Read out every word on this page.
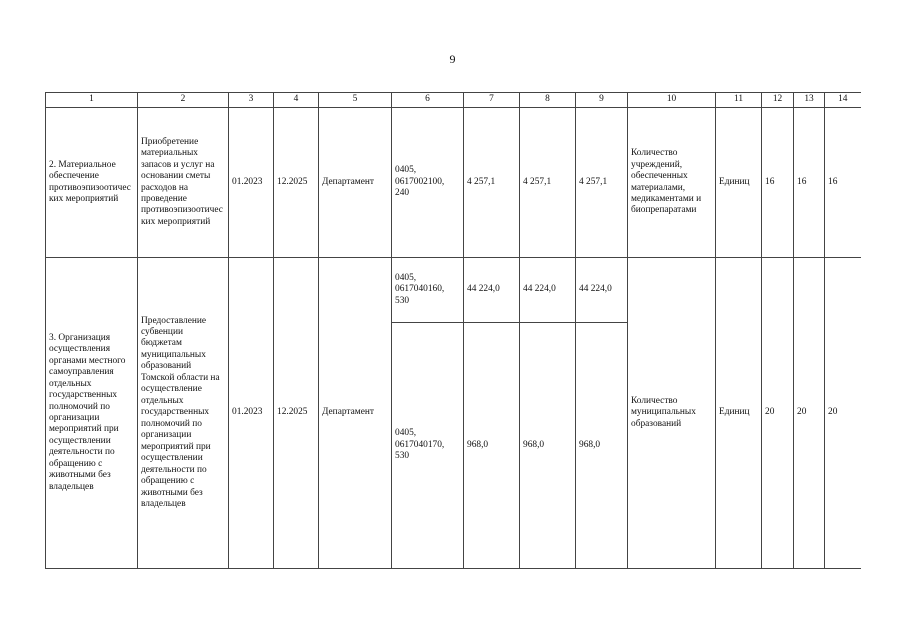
9
1	2	3	4	5	6	7	8	9	10	11	12	13	14
2. Материальное обеспечение противоэпизоотических мероприятий	Приобретение материальных запасов и услуг на основании сметы расходов на проведение противоэпизоотических мероприятий	01.2023	12.2025	Департамент	0405, 0617002100, 240	4 257,1	4 257,1	4 257,1	Количество учреждений, обеспеченных материалами, медикаментами и биопрепаратами	Единиц	16	16	16
3. Организация осуществления органами местного самоуправления отдельных государственных полномочий по организации мероприятий при осуществлении деятельности по обращению с животными без владельцев	Предоставление субвенции бюджетам муниципальных образований Томской области на осуществление отдельных государственных полномочий по организации мероприятий при осуществлении деятельности по обращению с животными без владельцев	01.2023	12.2025	Департамент	0405, 0617040160, 530	44 224,0	44 224,0	44 224,0	Количество муниципальных образований	Единиц	20	20	20
					0405, 0617040170, 530	968,0	968,0	968,0					
